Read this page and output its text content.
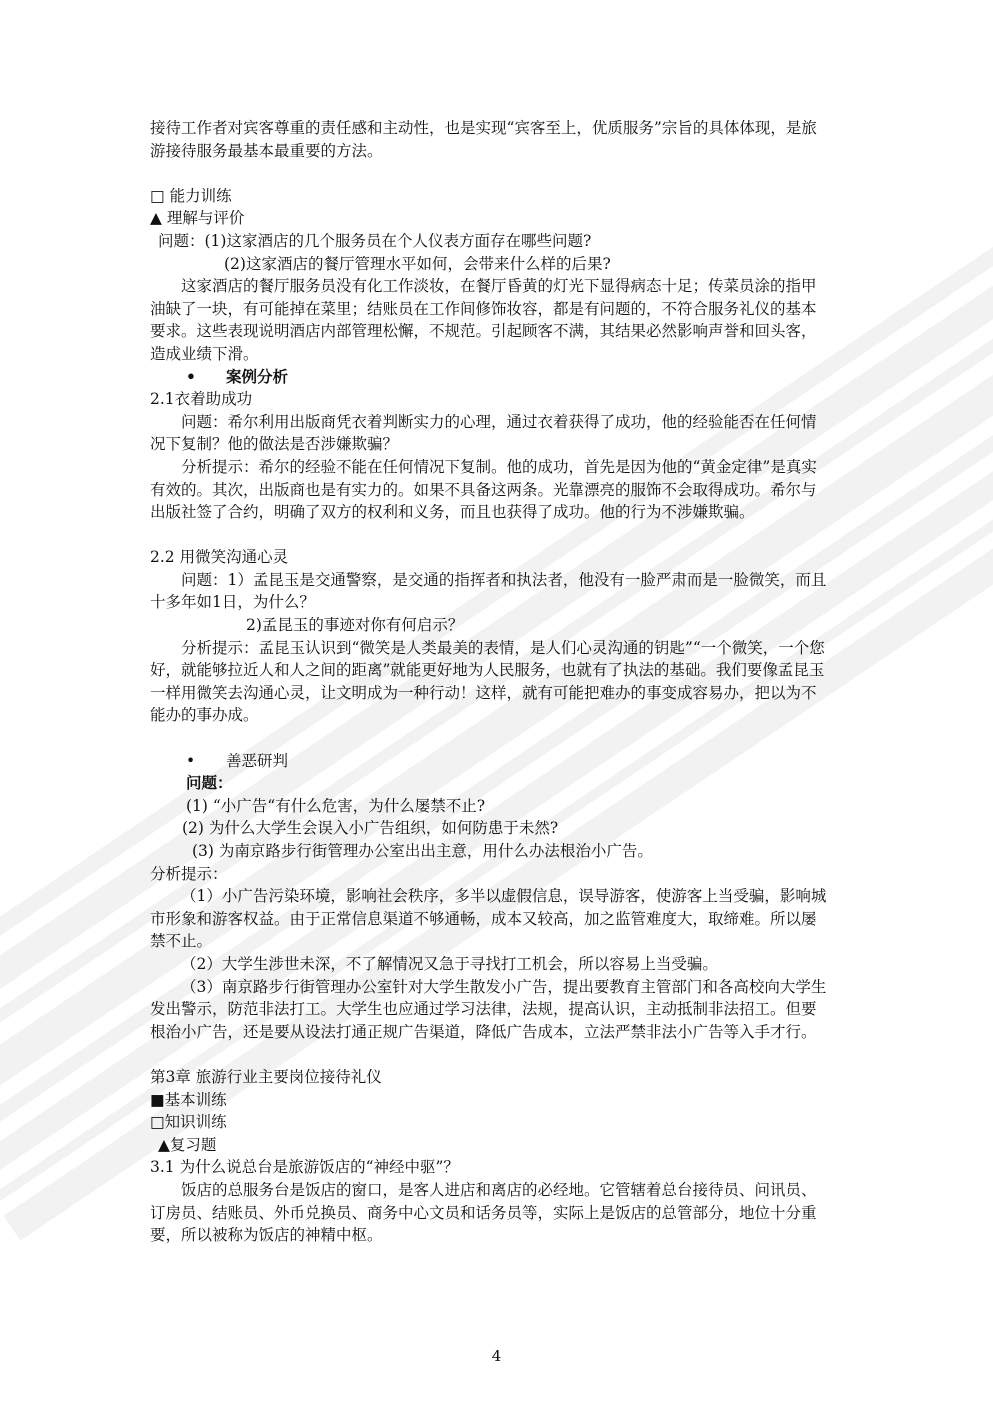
接待工作者对宾客尊重的责任感和主动性，也是实现“宾客至上，优质服务”宗旨的具体体现，是旅游接待服务最基本最重要的方法。

□ 能力训练

▲ 理解与评价

问题：(1)这家酒店的几个服务员在个人仪表方面存在哪些问题?

(2)这家酒店的餐厅管理水平如何，会带来什么样的后果?

这家酒店的餐厅服务员没有化工作淡妆，在餐厅昏黄的灯光下显得病态十足；传菜员涂的指甲油缺了一块，有可能掉在菜里；结账员在工作间修饰妆容，都是有问题的，不符合服务礼仪的基本要求。这些表现说明酒店内部管理松懈，不规范。引起顾客不满，其结果必然影响声誉和回头客，造成业绩下滑。

• 案例分析

2.1衣着助成功

问题：希尔利用出版商凭衣着判断实力的心理，通过衣着获得了成功，他的经验能否在任何情况下复制？他的做法是否涉嫌欺骗？

分析提示：希尔的经验不能在任何情况下复制。他的成功，首先是因为他的“黄金定律”是真实有效的。其次，出版商也是有实力的。如果不具备这两条。光靠漂亮的服饰不会取得成功。希尔与出版社签了合约，明确了双方的权利和义务，而且也获得了成功。他的行为不涉嫌欺骗。

2.2 用微笑沟通心灵

问题：1）孟昆玉是交通警察，是交通的指挥者和执法者，他没有一脸严肃而是一脸微笑，而且十多年如1日，为什么？

2)孟昆玉的事迹对你有何启示？

分析提示：孟昆玉认识到“微笑是人类最美的表情，是人们心灵沟通的钥匙”“一个微笑，一个您好，就能够拉近人和人之间的距离”就能更好地为人民服务，也就有了执法的基础。我们要像孟昆玉一样用微笑去沟通心灵，让文明成为一种行动！这样，就有可能把难办的事变成容易办，把以为不能办的事办成。

• 善恶研判

问题：

(1) “小广告“有什么危害，为什么屡禁不止?

(2) 为什么大学生会误入小广告组织，如何防患于未然?

(3) 为南京路步行街管理办公室出出主意，用什么办法根治小广告。

分析提示：

（1）小广告污染环境，影响社会秩序，多半以虚假信息，误导游客，使游客上当受骗，影响城市形象和游客权益。由于正常信息渠道不够通畅，成本又较高，加之监管难度大，取缔难。所以屡禁不止。

（2）大学生涉世未深，不了解情况又急于寻找打工机会，所以容易上当受骗。

（3）南京路步行街管理办公室针对大学生散发小广告，提出要教育主管部门和各高校向大学生发出警示，防范非法打工。大学生也应通过学习法律，法规，提高认识，主动抵制非法招工。但要根治小广告，还是要从设法打通正规广告渠道，降低广告成本，立法严禁非法小广告等入手才行。

第3章 旅游行业主要岗位接待礼仪

■基本训练

□知识训练

▲复习题

3.1 为什么说总台是旅游饭店的“神经中驱”？

饭店的总服务台是饭店的窗口，是客人进店和离店的必经地。它管辖着总台接待员、问讯员、订房员、结账员、外币兑换员、商务中心文员和话务员等，实际上是饭店的总管部分，地位十分重要，所以被称为饭店的神精中枢。

4
